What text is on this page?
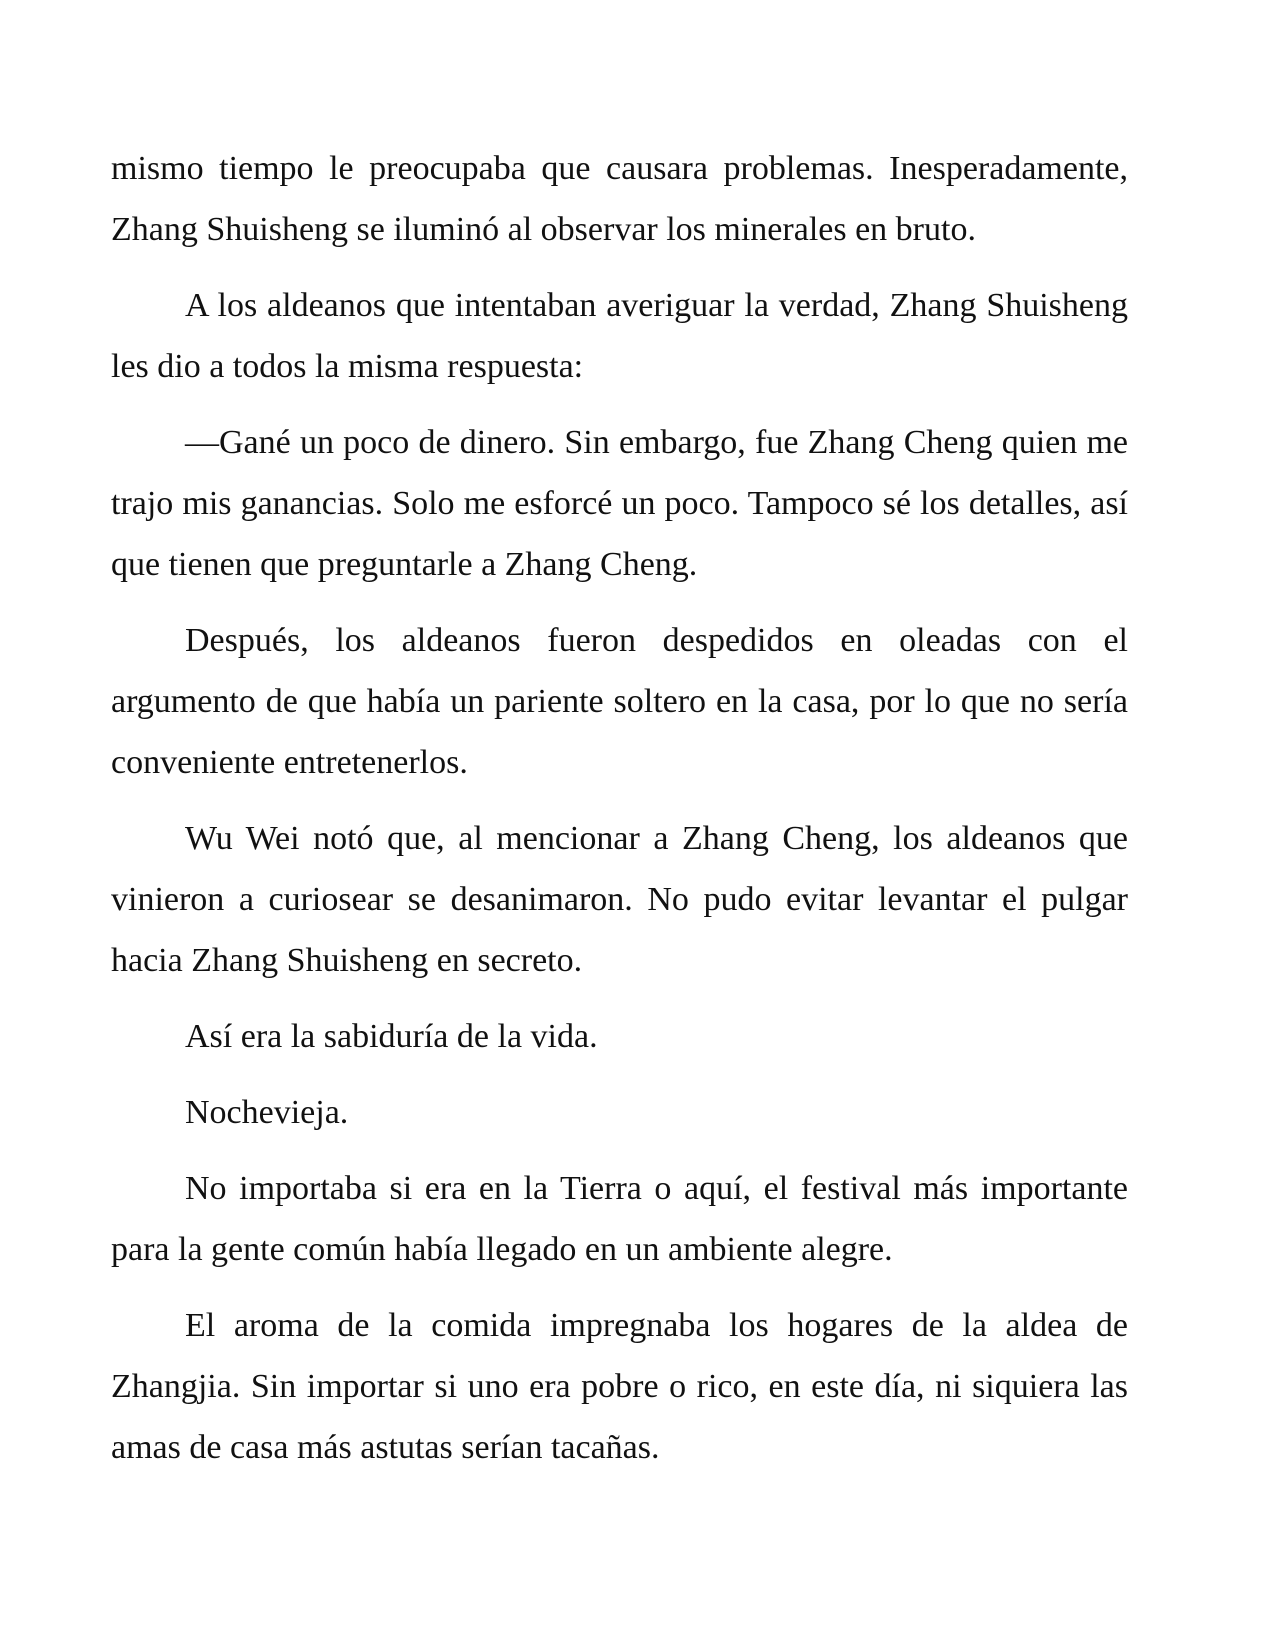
mismo tiempo le preocupaba que causara problemas. Inesperadamente, Zhang Shuisheng se iluminó al observar los minerales en bruto.

A los aldeanos que intentaban averiguar la verdad, Zhang Shuisheng les dio a todos la misma respuesta:

—Gané un poco de dinero. Sin embargo, fue Zhang Cheng quien me trajo mis ganancias. Solo me esforcé un poco. Tampoco sé los detalles, así que tienen que preguntarle a Zhang Cheng.

Después, los aldeanos fueron despedidos en oleadas con el argumento de que había un pariente soltero en la casa, por lo que no sería conveniente entretenerlos.

Wu Wei notó que, al mencionar a Zhang Cheng, los aldeanos que vinieron a curiosear se desanimaron. No pudo evitar levantar el pulgar hacia Zhang Shuisheng en secreto.

Así era la sabiduría de la vida.

Nochevieja.

No importaba si era en la Tierra o aquí, el festival más importante para la gente común había llegado en un ambiente alegre.

El aroma de la comida impregnaba los hogares de la aldea de Zhangjia. Sin importar si uno era pobre o rico, en este día, ni siquiera las amas de casa más astutas serían tacañas.
